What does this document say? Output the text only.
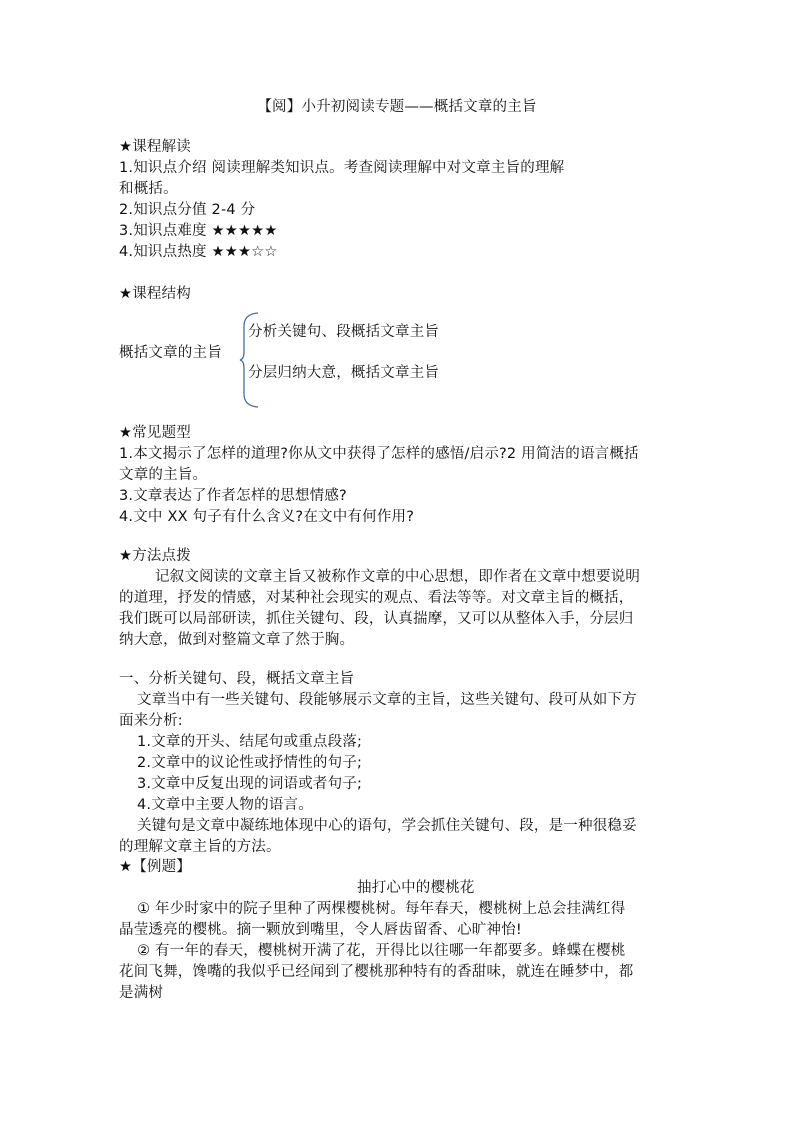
【阅】小升初阅读专题——概括文章的主旨
★课程解读
1.知识点介绍 阅读理解类知识点。考查阅读理解中对文章主旨的理解
和概括。
2.知识点分值 2-4 分
3.知识点难度 ★★★★★
4.知识点热度 ★★★☆☆
★课程结构
概括文章的主旨
分析关键句、段概括文章主旨
分层归纳大意，概括文章主旨
★常见题型
1.本文揭示了怎样的道理?你从文中获得了怎样的感悟/启示?2 用简洁的语言概括
文章的主旨。
3.文章表达了作者怎样的思想情感?
4.文中 XX 句子有什么含义?在文中有何作用?
★方法点拨
记叙文阅读的文章主旨又被称作文章的中心思想，即作者在文章中想要说明
的道理，抒发的情感，对某种社会现实的观点、看法等等。对文章主旨的概括，
我们既可以局部研读，抓住关键句、段，认真揣摩，又可以从整体入手，分层归
纳大意，做到对整篇文章了然于胸。
一、分析关键句、段，概括文章主旨
文章当中有一些关键句、段能够展示文章的主旨，这些关键句、段可从如下方
面来分析:
1.文章的开头、结尾句或重点段落;
2.文章中的议论性或抒情性的句子;
3.文章中反复出现的词语或者句子;
4.文章中主要人物的语言。
关键句是文章中凝练地体现中心的语句，学会抓住关键句、段，是一种很稳妥
的理解文章主旨的方法。
★【例题】
抽打心中的樱桃花
① 年少时家中的院子里种了两棵樱桃树。每年春天，樱桃树上总会挂满红得
晶莹透亮的樱桃。摘一颗放到嘴里，令人唇齿留香、心旷神怡!
② 有一年的春天，樱桃树开满了花，开得比以往哪一年都要多。蜂蝶在樱桃
花间飞舞，馋嘴的我似乎已经闻到了樱桃那种特有的香甜味，就连在睡梦中，都
是满树
